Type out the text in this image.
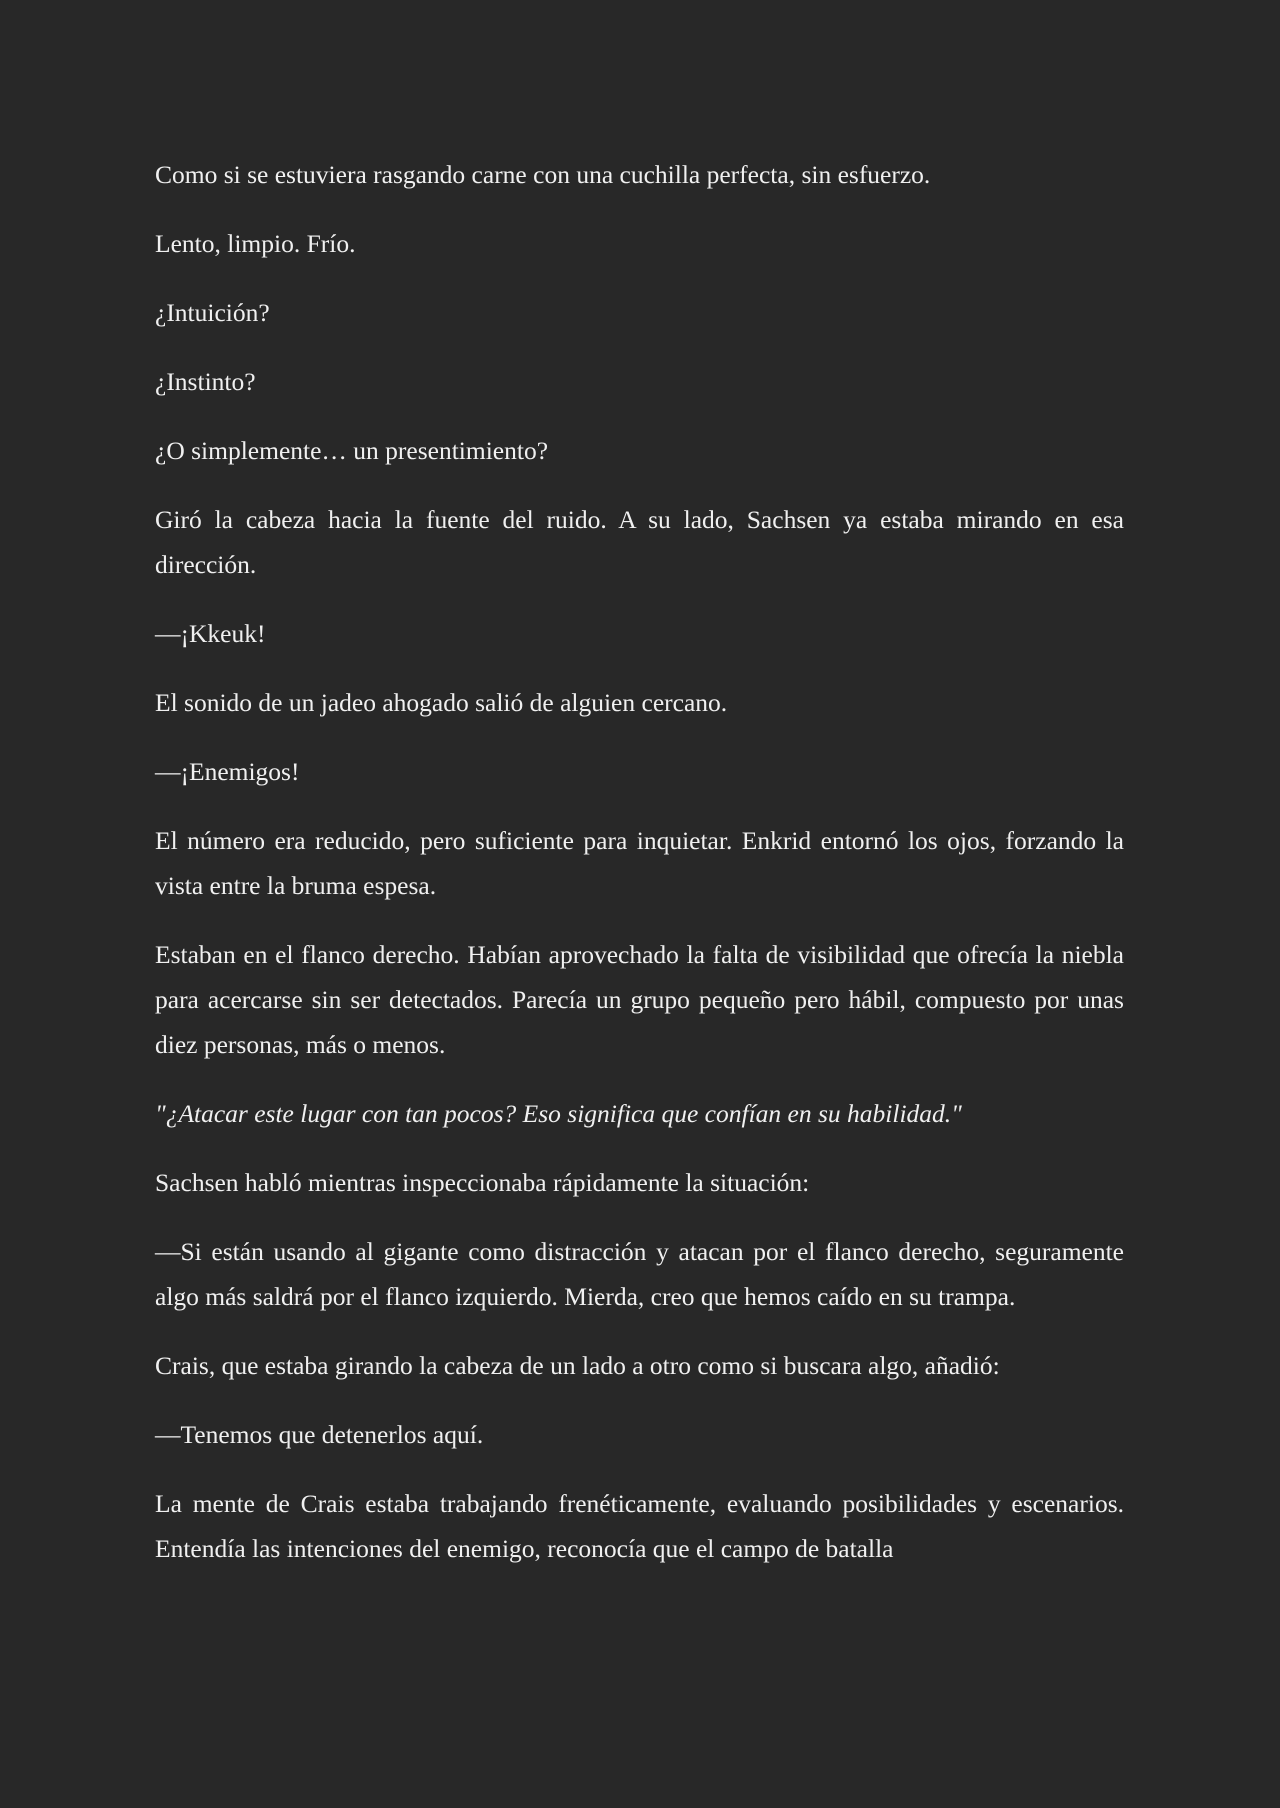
Como si se estuviera rasgando carne con una cuchilla perfecta, sin esfuerzo.

Lento, limpio. Frío.

¿Intuición?

¿Instinto?

¿O simplemente… un presentimiento?

Giró la cabeza hacia la fuente del ruido. A su lado, Sachsen ya estaba mirando en esa dirección.

—¡Kkeuk!

El sonido de un jadeo ahogado salió de alguien cercano.

—¡Enemigos!

El número era reducido, pero suficiente para inquietar. Enkrid entornó los ojos, forzando la vista entre la bruma espesa.

Estaban en el flanco derecho. Habían aprovechado la falta de visibilidad que ofrecía la niebla para acercarse sin ser detectados. Parecía un grupo pequeño pero hábil, compuesto por unas diez personas, más o menos.

"¿Atacar este lugar con tan pocos? Eso significa que confían en su habilidad."

Sachsen habló mientras inspeccionaba rápidamente la situación:

—Si están usando al gigante como distracción y atacan por el flanco derecho, seguramente algo más saldrá por el flanco izquierdo. Mierda, creo que hemos caído en su trampa.

Crais, que estaba girando la cabeza de un lado a otro como si buscara algo, añadió:

—Tenemos que detenerlos aquí.

La mente de Crais estaba trabajando frenéticamente, evaluando posibilidades y escenarios. Entendía las intenciones del enemigo, reconocía que el campo de batalla
